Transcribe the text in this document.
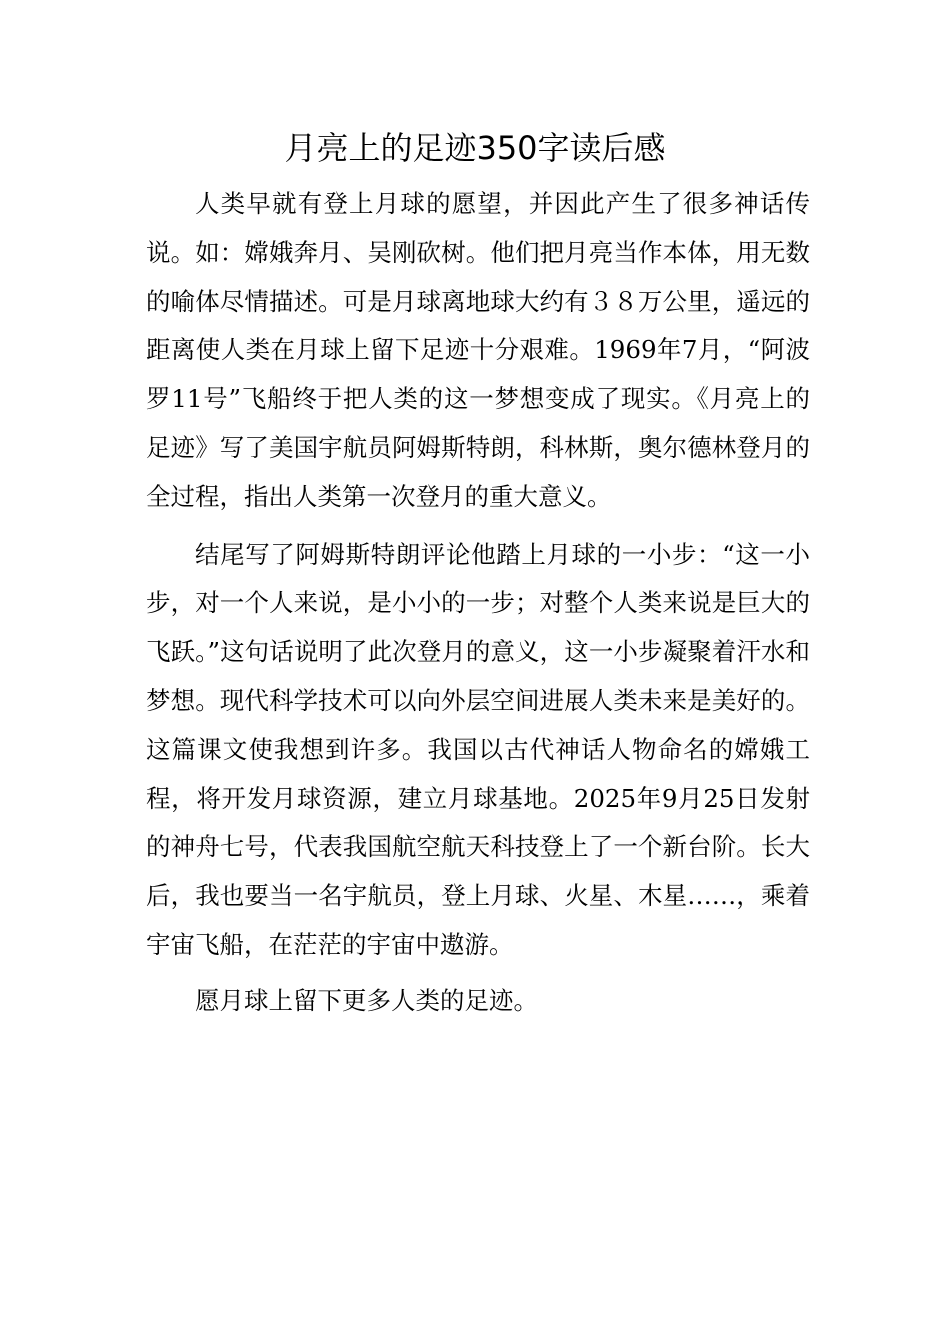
月亮上的足迹350字读后感

人类早就有登上月球的愿望，并因此产生了很多神话传说。如：嫦娥奔月、吴刚砍树。他们把月亮当作本体，用无数的喻体尽情描述。可是月球离地球大约有３８万公里，遥远的距离使人类在月球上留下足迹十分艰难。1969年7月，“阿波罗11号”飞船终于把人类的这一梦想变成了现实。《月亮上的足迹》写了美国宇航员阿姆斯特朗，科林斯，奥尔德林登月的全过程，指出人类第一次登月的重大意义。

结尾写了阿姆斯特朗评论他踏上月球的一小步：“这一小步，对一个人来说，是小小的一步；对整个人类来说是巨大的飞跃。”这句话说明了此次登月的意义，这一小步凝聚着汗水和梦想。现代科学技术可以向外层空间进展人类未来是美好的。这篇课文使我想到许多。我国以古代神话人物命名的嫦娥工程，将开发月球资源，建立月球基地。2025年9月25日发射的神舟七号，代表我国航空航天科技登上了一个新台阶。长大后，我也要当一名宇航员，登上月球、火星、木星……，乘着宇宙飞船，在茫茫的宇宙中遨游。

愿月球上留下更多人类的足迹。
